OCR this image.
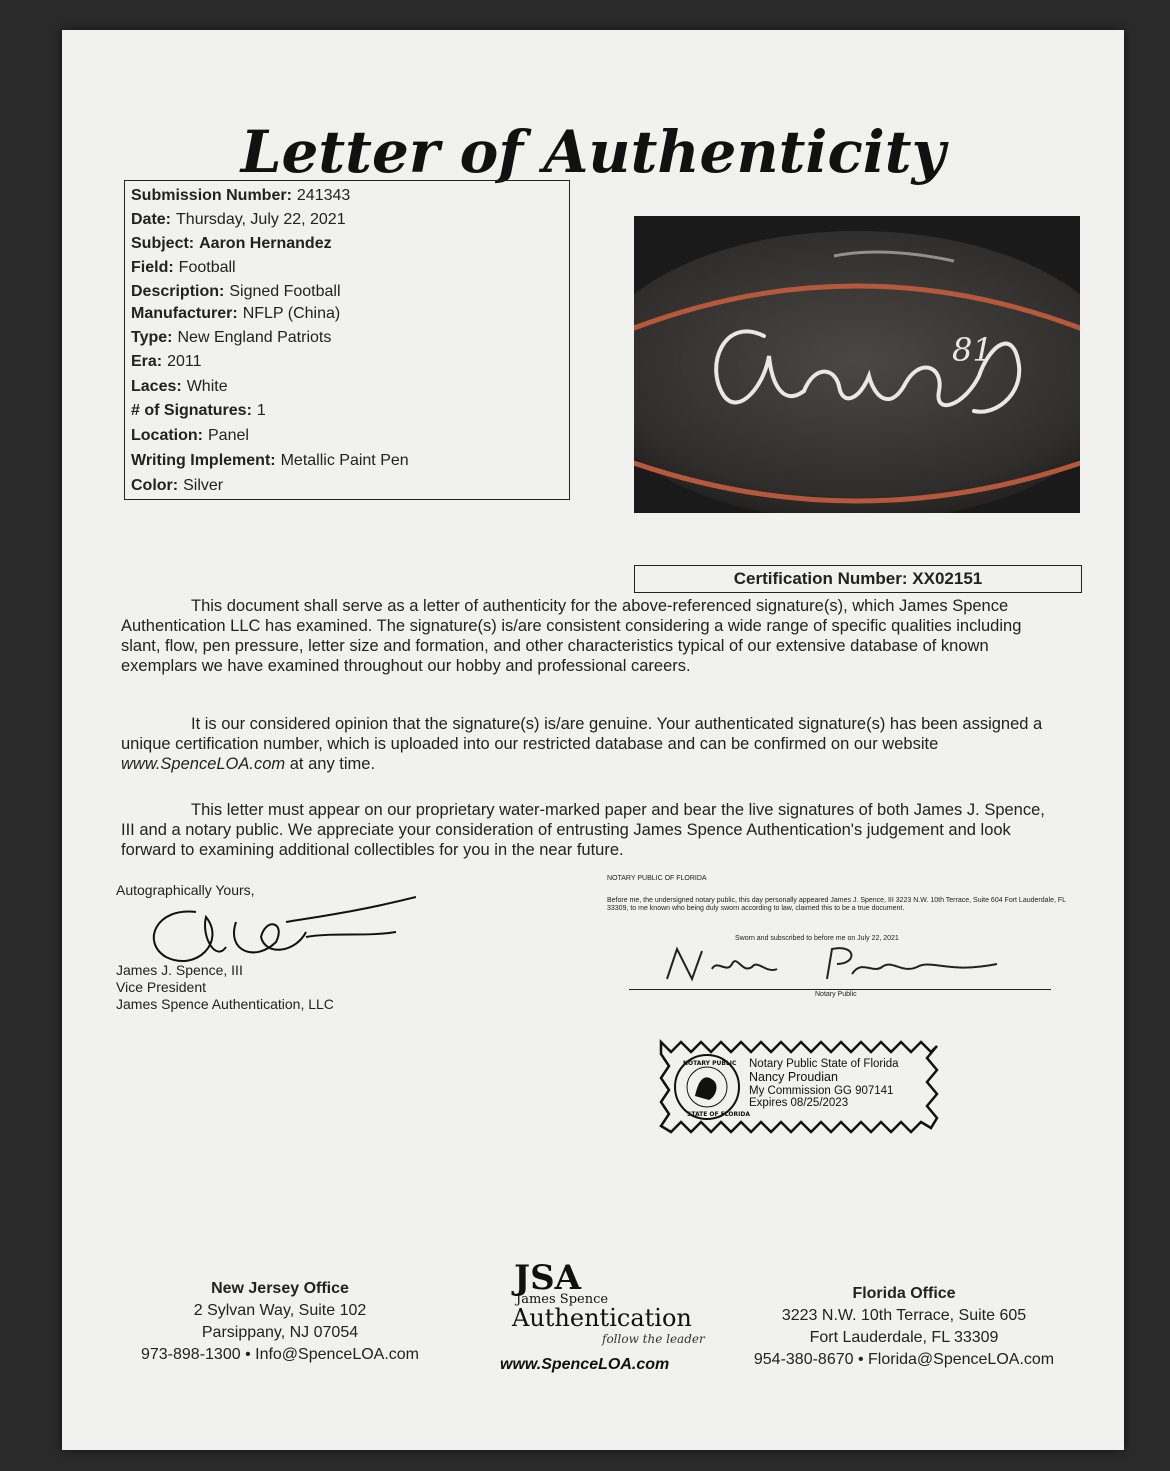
Letter of Authenticity
Submission Number: 241343
Date: Thursday, July 22, 2021
Subject: Aaron Hernandez
Field: Football
Description: Signed Football
Manufacturer: NFLP (China)
Type: New England Patriots
Era: 2011
Laces: White
# of Signatures: 1
Location: Panel
Writing Implement: Metallic Paint Pen
Color: Silver
81
Certification Number: XX02151
This document shall serve as a letter of authenticity for the above-referenced signature(s), which James Spence Authentication LLC has examined. The signature(s) is/are consistent considering a wide range of specific qualities including slant, flow, pen pressure, letter size and formation, and other characteristics typical of our extensive database of known exemplars we have examined throughout our hobby and professional careers.
It is our considered opinion that the signature(s) is/are genuine. Your authenticated signature(s) has been assigned a unique certification number, which is uploaded into our restricted database and can be confirmed on our website www.SpenceLOA.com at any time.
This letter must appear on our proprietary water-marked paper and bear the live signatures of both James J. Spence, III and a notary public. We appreciate your consideration of entrusting James Spence Authentication's judgement and look forward to examining additional collectibles for you in the near future.
Autographically Yours,
James J. Spence, III
Vice President
James Spence Authentication, LLC
NOTARY PUBLIC OF FLORIDA
Before me, the undersigned notary public, this day personally appeared James J. Spence, III 3223 N.W. 10th Terrace, Suite 604 Fort Lauderdale, FL 33309, to me known who being duly sworn according to law, claimed this to be a true document.
Sworn and subscribed to before me on July 22, 2021
Notary Public
NOTARY PUBLIC
STATE OF FLORIDA
Notary Public State of Florida
Nancy Proudian
My Commission GG 907141
Expires 08/25/2023
New Jersey Office
2 Sylvan Way, Suite 102
Parsippany, NJ 07054
973-898-1300 • Info@SpenceLOA.com
JSA
James Spence
Authentication
follow the leader
www.SpenceLOA.com
Florida Office
3223 N.W. 10th Terrace, Suite 605
Fort Lauderdale, FL 33309
954-380-8670 • Florida@SpenceLOA.com
